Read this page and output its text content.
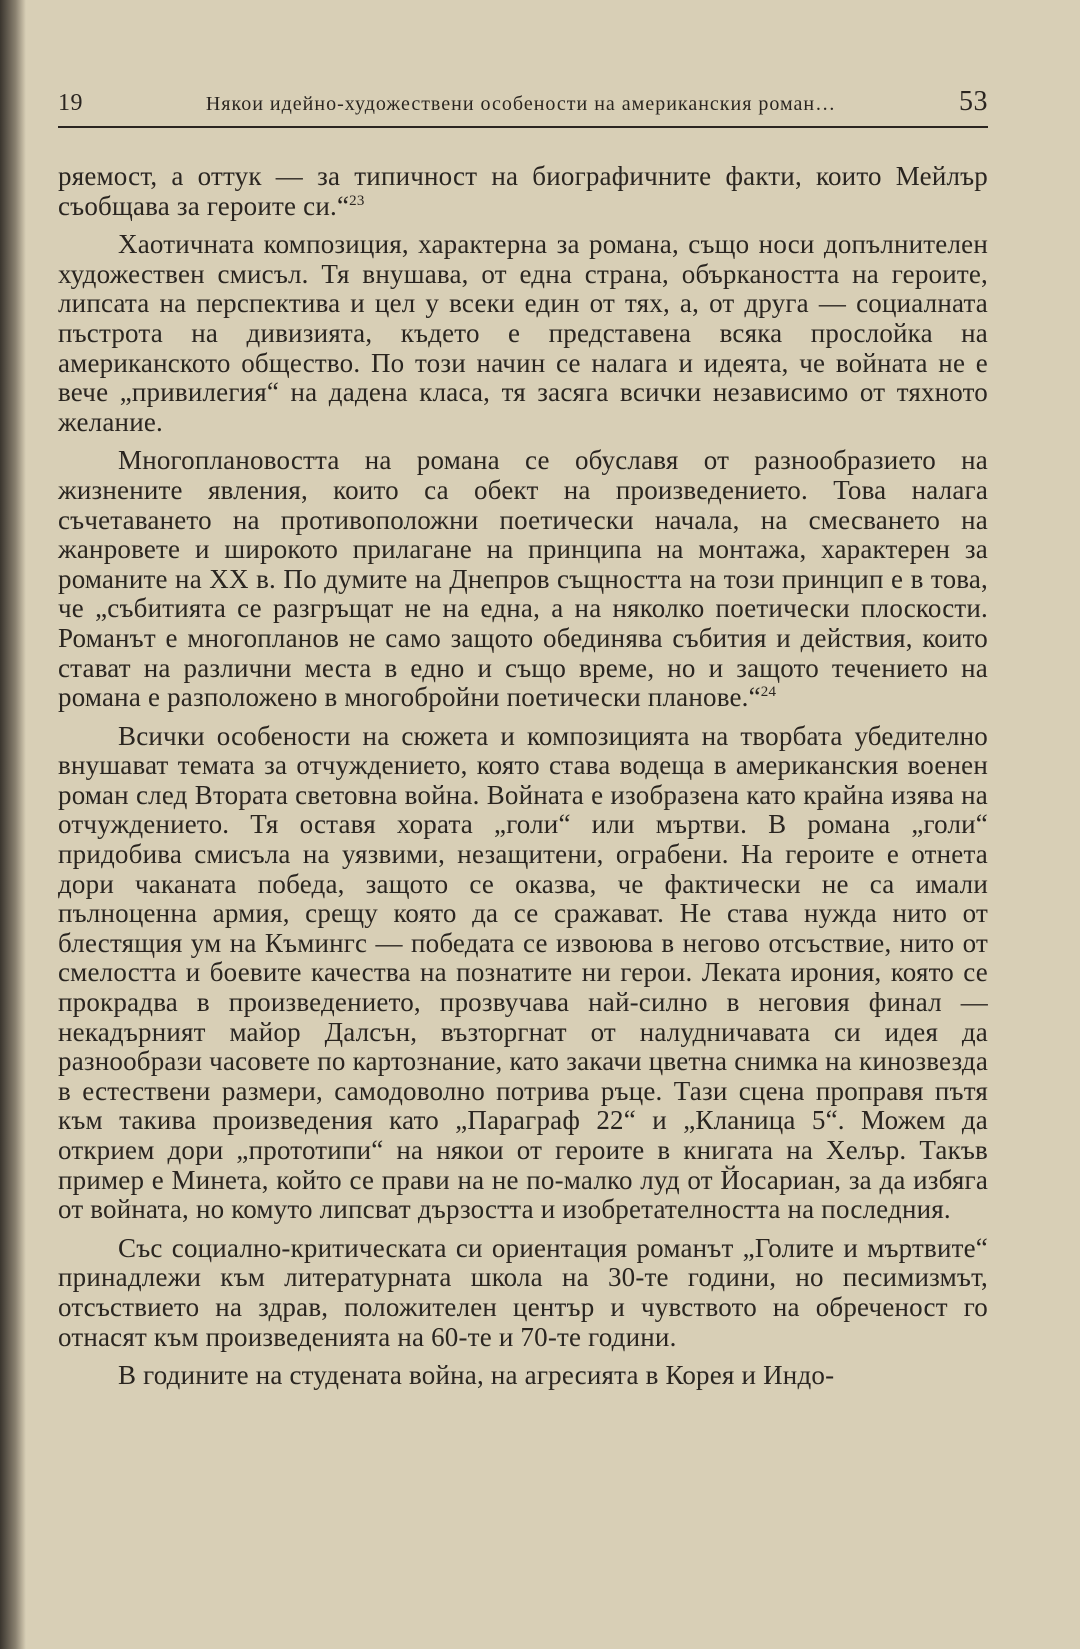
19	Някои идейно-художествени особености на американския роман…	53

ряемост, а оттук — за типичност на биографичните факти, които Мейлър съобщава за героите си.“$^{23}$

Хаотичната композиция, характерна за романа, също носи допълнителен художествен смисъл. Тя внушава, от една страна, объркаността на героите, липсата на перспектива и цел у всеки един от тях, а, от друга — социалната пъстрота на дивизията, където е представена всяка прослойка на американското общество. По този начин се налага и идеята, че войната не е вече „привилегия“ на дадена класа, тя засяга всички независимо от тяхното желание.

Многоплановостта на романа се обуславя от разнообразието на жизнените явления, които са обект на произведението. Това налага съчетаването на противоположни поетически начала, на смесването на жанровете и широкото прилагане на принципа на монтажа, характерен за романите на XX в. По думите на Днепров същността на този принцип е в това, че „събитията се разгръщат не на една, а на няколко поетически плоскости. Романът е многопланов не само защото обединява събития и действия, които стават на различни места в едно и също време, но и защото течението на романа е разположено в многобройни поетически планове.“$^{24}$

Всички особености на сюжета и композицията на творбата убедително внушават темата за отчуждението, която става водеща в американския военен роман след Втората световна война. Войната е изобразена като крайна изява на отчуждението. Тя оставя хората „голи“ или мъртви. В романа „голи“ придобива смисъла на уязвими, незащитени, ограбени. На героите е отнета дори чаканата победа, защото се оказва, че фактически не са имали пълноценна армия, срещу която да се сражават. Не става нужда нито от блестящия ум на Къмингс — победата се извоюва в негово отсъствие, нито от смелостта и боевите качества на познатите ни герои. Леката ирония, която се прокрадва в произведението, прозвучава най-силно в неговия финал — некадърният майор Далсън, възторгнат от налудничавата си идея да разнообрази часовете по картознание, като закачи цветна снимка на кинозвезда в естествени размери, самодоволно потрива ръце. Тази сцена проправя пътя към такива произведения като „Параграф 22“ и „Кланица 5“. Можем да открием дори „прототипи“ на някои от героите в книгата на Хелър. Такъв пример е Минета, който се прави на не по-малко луд от Йосариан, за да избяга от войната, но комуто липсват дързостта и изобретателността на последния.

Със социално-критическата си ориентация романът „Голите и мъртвите“ принадлежи към литературната школа на 30-те години, но песимизмът, отсъствието на здрав, положителен център и чувството на обреченост го отнасят към произведенията на 60-те и 70-те години.

В годините на студената война, на агресията в Корея и Индо-
